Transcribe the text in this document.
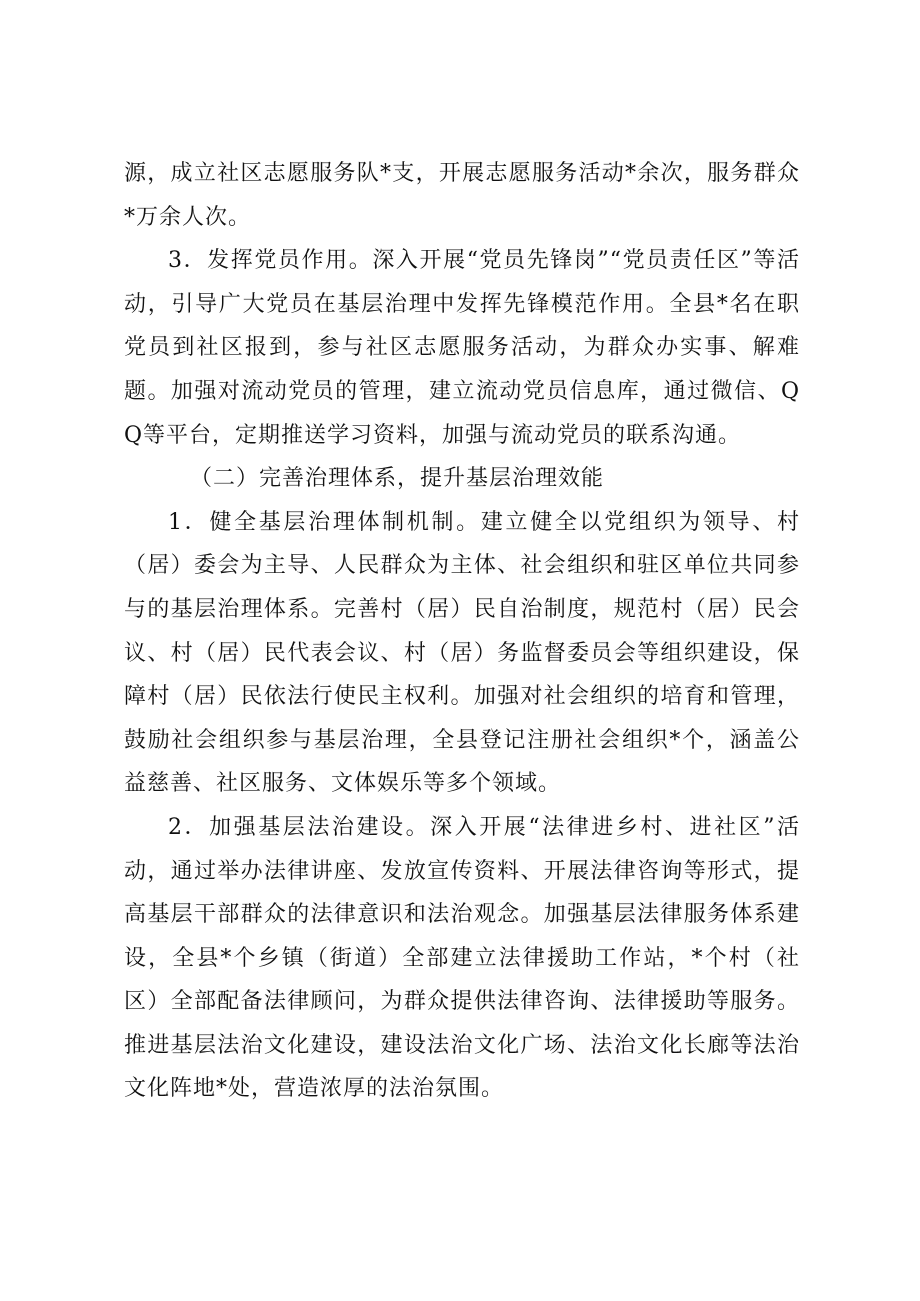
源，成立社区志愿服务队*支，开展志愿服务活动*余次，服务群众*万余人次。

3．发挥党员作用。深入开展“党员先锋岗”“党员责任区”等活动，引导广大党员在基层治理中发挥先锋模范作用。全县*名在职党员到社区报到，参与社区志愿服务活动，为群众办实事、解难题。加强对流动党员的管理，建立流动党员信息库，通过微信、QQ等平台，定期推送学习资料，加强与流动党员的联系沟通。

（二）完善治理体系，提升基层治理效能

1．健全基层治理体制机制。建立健全以党组织为领导、村（居）委会为主导、人民群众为主体、社会组织和驻区单位共同参与的基层治理体系。完善村（居）民自治制度，规范村（居）民会议、村（居）民代表会议、村（居）务监督委员会等组织建设，保障村（居）民依法行使民主权利。加强对社会组织的培育和管理，鼓励社会组织参与基层治理，全县登记注册社会组织*个，涵盖公益慈善、社区服务、文体娱乐等多个领域。

2．加强基层法治建设。深入开展“法律进乡村、进社区”活动，通过举办法律讲座、发放宣传资料、开展法律咨询等形式，提高基层干部群众的法律意识和法治观念。加强基层法律服务体系建设，全县*个乡镇（街道）全部建立法律援助工作站，*个村（社区）全部配备法律顾问，为群众提供法律咨询、法律援助等服务。推进基层法治文化建设，建设法治文化广场、法治文化长廊等法治文化阵地*处，营造浓厚的法治氛围。
